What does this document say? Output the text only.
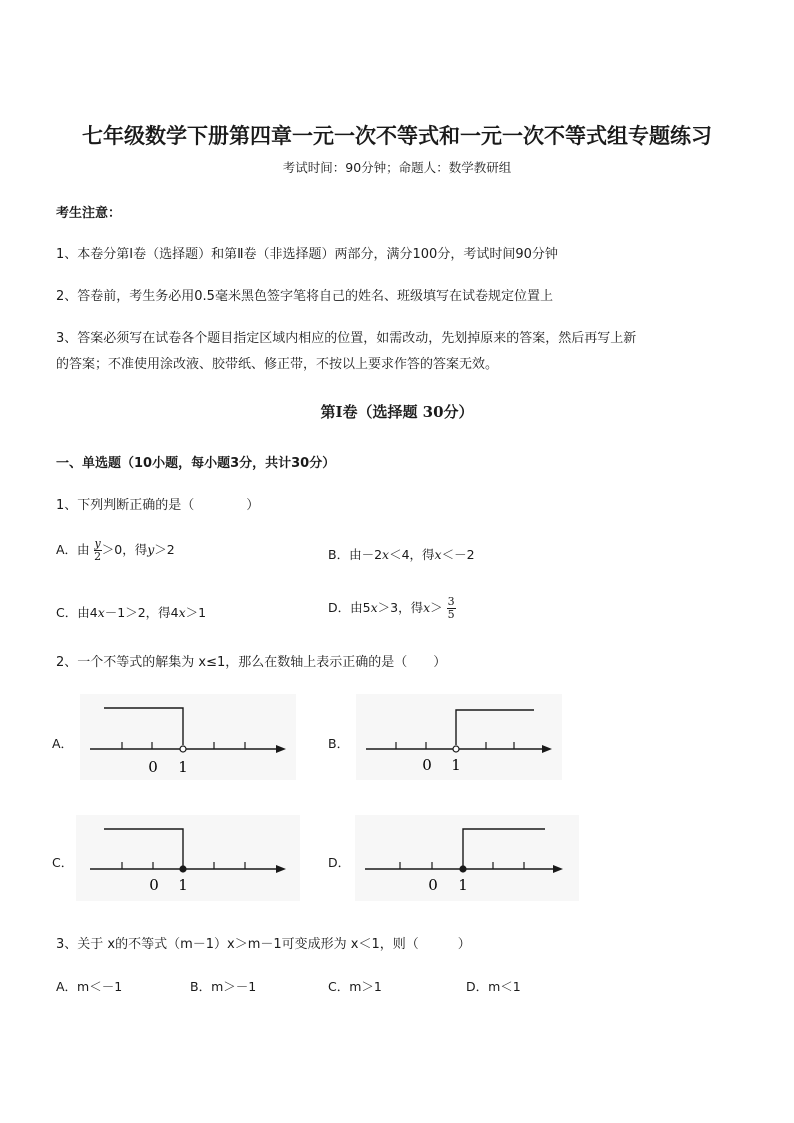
七年级数学下册第四章一元一次不等式和一元一次不等式组专题练习
考试时间：90分钟；命题人：数学教研组
考生注意：
1、本卷分第Ⅰ卷（选择题）和第Ⅱ卷（非选择题）两部分，满分100分，考试时间90分钟
2、答卷前，考生务必用0.5毫米黑色签字笔将自己的姓名、班级填写在试卷规定位置上
3、答案必须写在试卷各个题目指定区域内相应的位置，如需改动，先划掉原来的答案，然后再写上新
的答案；不准使用涂改液、胶带纸、修正带，不按以上要求作答的答案无效。
第Ⅰ卷（选择题 30分）
一、单选题（10小题，每小题3分，共计30分）
1、下列判断正确的是（　　　　）
A．由 $\frac{y}{2} >0$，得y＞2	B．由－2x＜4，得x＜－2
C．由4x－1＞2，得4x＞1	D．由5x＞3，得$x> \frac{3}{5}$
2、一个不等式的解集为 x≤1，那么在数轴上表示正确的是（　　）
A．
0 1
B．
0 1
C．
0 1
D．
0 1
3、关于 x的不等式（m－1）x＞m－1可变成形为 x＜1，则（　　　）
A．m＜－1	B．m＞－1	C．m＞1	D．m＜1
